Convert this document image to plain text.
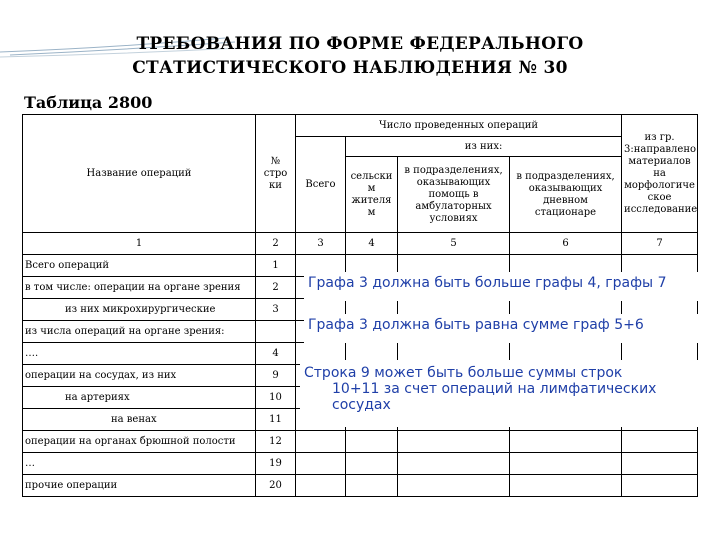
ТРЕБОВАНИЯ ПО ФОРМЕ ФЕДЕРАЛЬНОГО
СТАТИСТИЧЕСКОГО НАБЛЮДЕНИЯ № 30
Таблица 2800
Название операций	№ стро ки	Число проведенных операций				из гр. 3:направлено материалов на морфологиче ское исследование
		Всего	из них:			
			сельски м жителя м	в подразделениях, оказывающих помощь в амбулаторных условиях	в подразделениях, оказывающих дневном стационаре	
1	2	3	4	5	6	7
Всего операций	1					
в том числе: операции на органе зрения	2					
из них микрохирургические	3					
из числа операций на органе зрения:						
….	4					
операции на сосудах, из них	9					
на артериях	10					
на венах	11					
операции на органах брюшной полости	12					
…	19					
прочие операции	20					
Графа 3 должна быть больше графы 4, графы 7
Графа 3 должна быть равна сумме граф 5+6
Строка 9 может быть больше суммы строк
10+11 за счет операций на лимфатических
сосудах
